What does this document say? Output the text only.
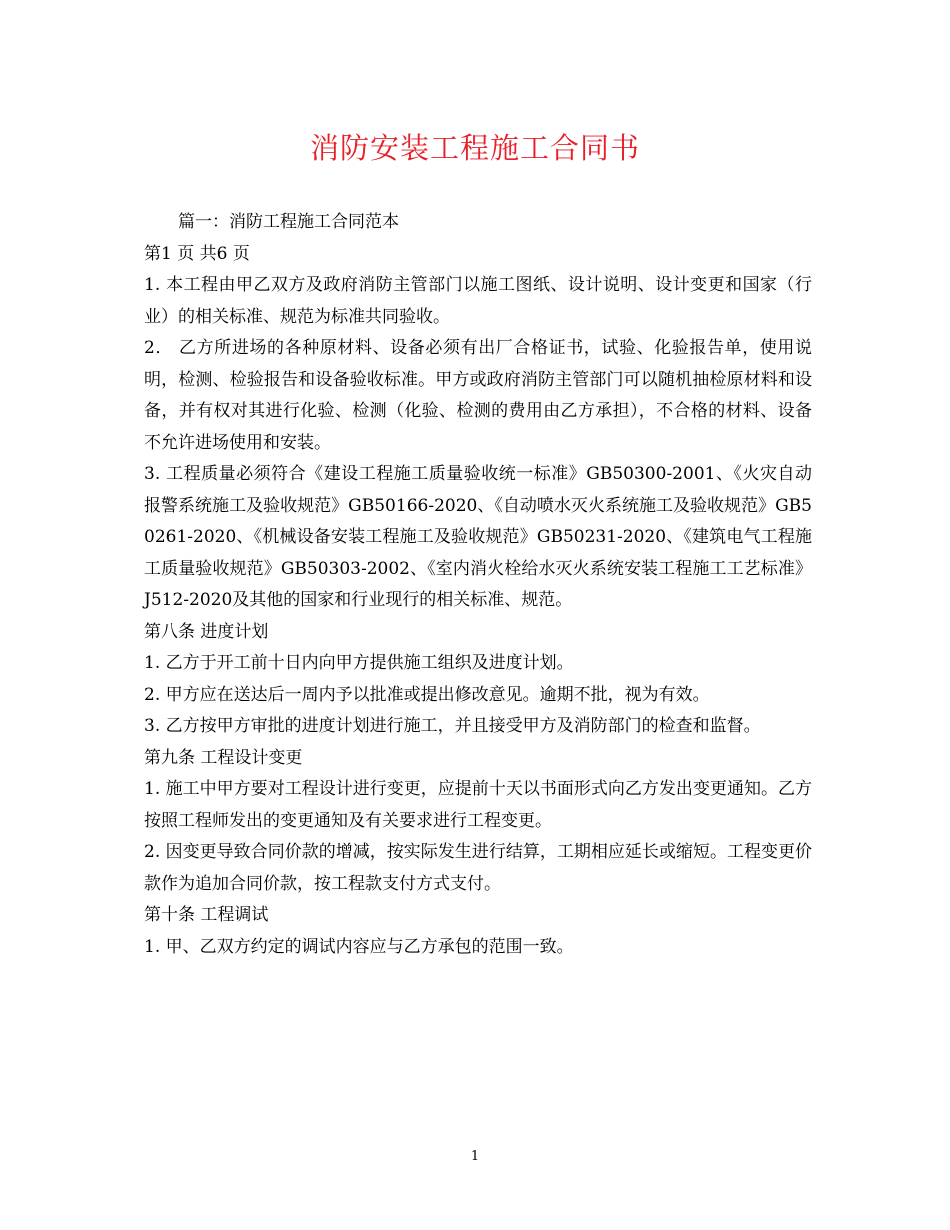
消防安装工程施工合同书

篇一：消防工程施工合同范本

第1 页 共6 页

1. 本工程由甲乙双方及政府消防主管部门以施工图纸、设计说明、设计变更和国家（行业）的相关标准、规范为标准共同验收。

2． 乙方所进场的各种原材料、设备必须有出厂合格证书，试验、化验报告单，使用说明，检测、检验报告和设备验收标准。甲方或政府消防主管部门可以随机抽检原材料和设备，并有权对其进行化验、检测（化验、检测的费用由乙方承担），不合格的材料、设备不允许进场使用和安装。

3. 工程质量必须符合《建设工程施工质量验收统一标准》GB50300-2001、《火灾自动报警系统施工及验收规范》GB50166-2020、《自动喷水灭火系统施工及验收规范》GB50261-2020、《机械设备安装工程施工及验收规范》GB50231-2020、《建筑电气工程施工质量验收规范》GB50303-2002、《室内消火栓给水灭火系统安装工程施工工艺标准》J512-2020及其他的国家和行业现行的相关标准、规范。

第八条 进度计划

1. 乙方于开工前十日内向甲方提供施工组织及进度计划。

2. 甲方应在送达后一周内予以批准或提出修改意见。逾期不批，视为有效。

3. 乙方按甲方审批的进度计划进行施工，并且接受甲方及消防部门的检查和监督。

第九条 工程设计变更

1. 施工中甲方要对工程设计进行变更，应提前十天以书面形式向乙方发出变更通知。乙方按照工程师发出的变更通知及有关要求进行工程变更。

2. 因变更导致合同价款的增减，按实际发生进行结算，工期相应延长或缩短。工程变更价款作为追加合同价款，按工程款支付方式支付。

第十条 工程调试

1. 甲、乙双方约定的调试内容应与乙方承包的范围一致。

1
